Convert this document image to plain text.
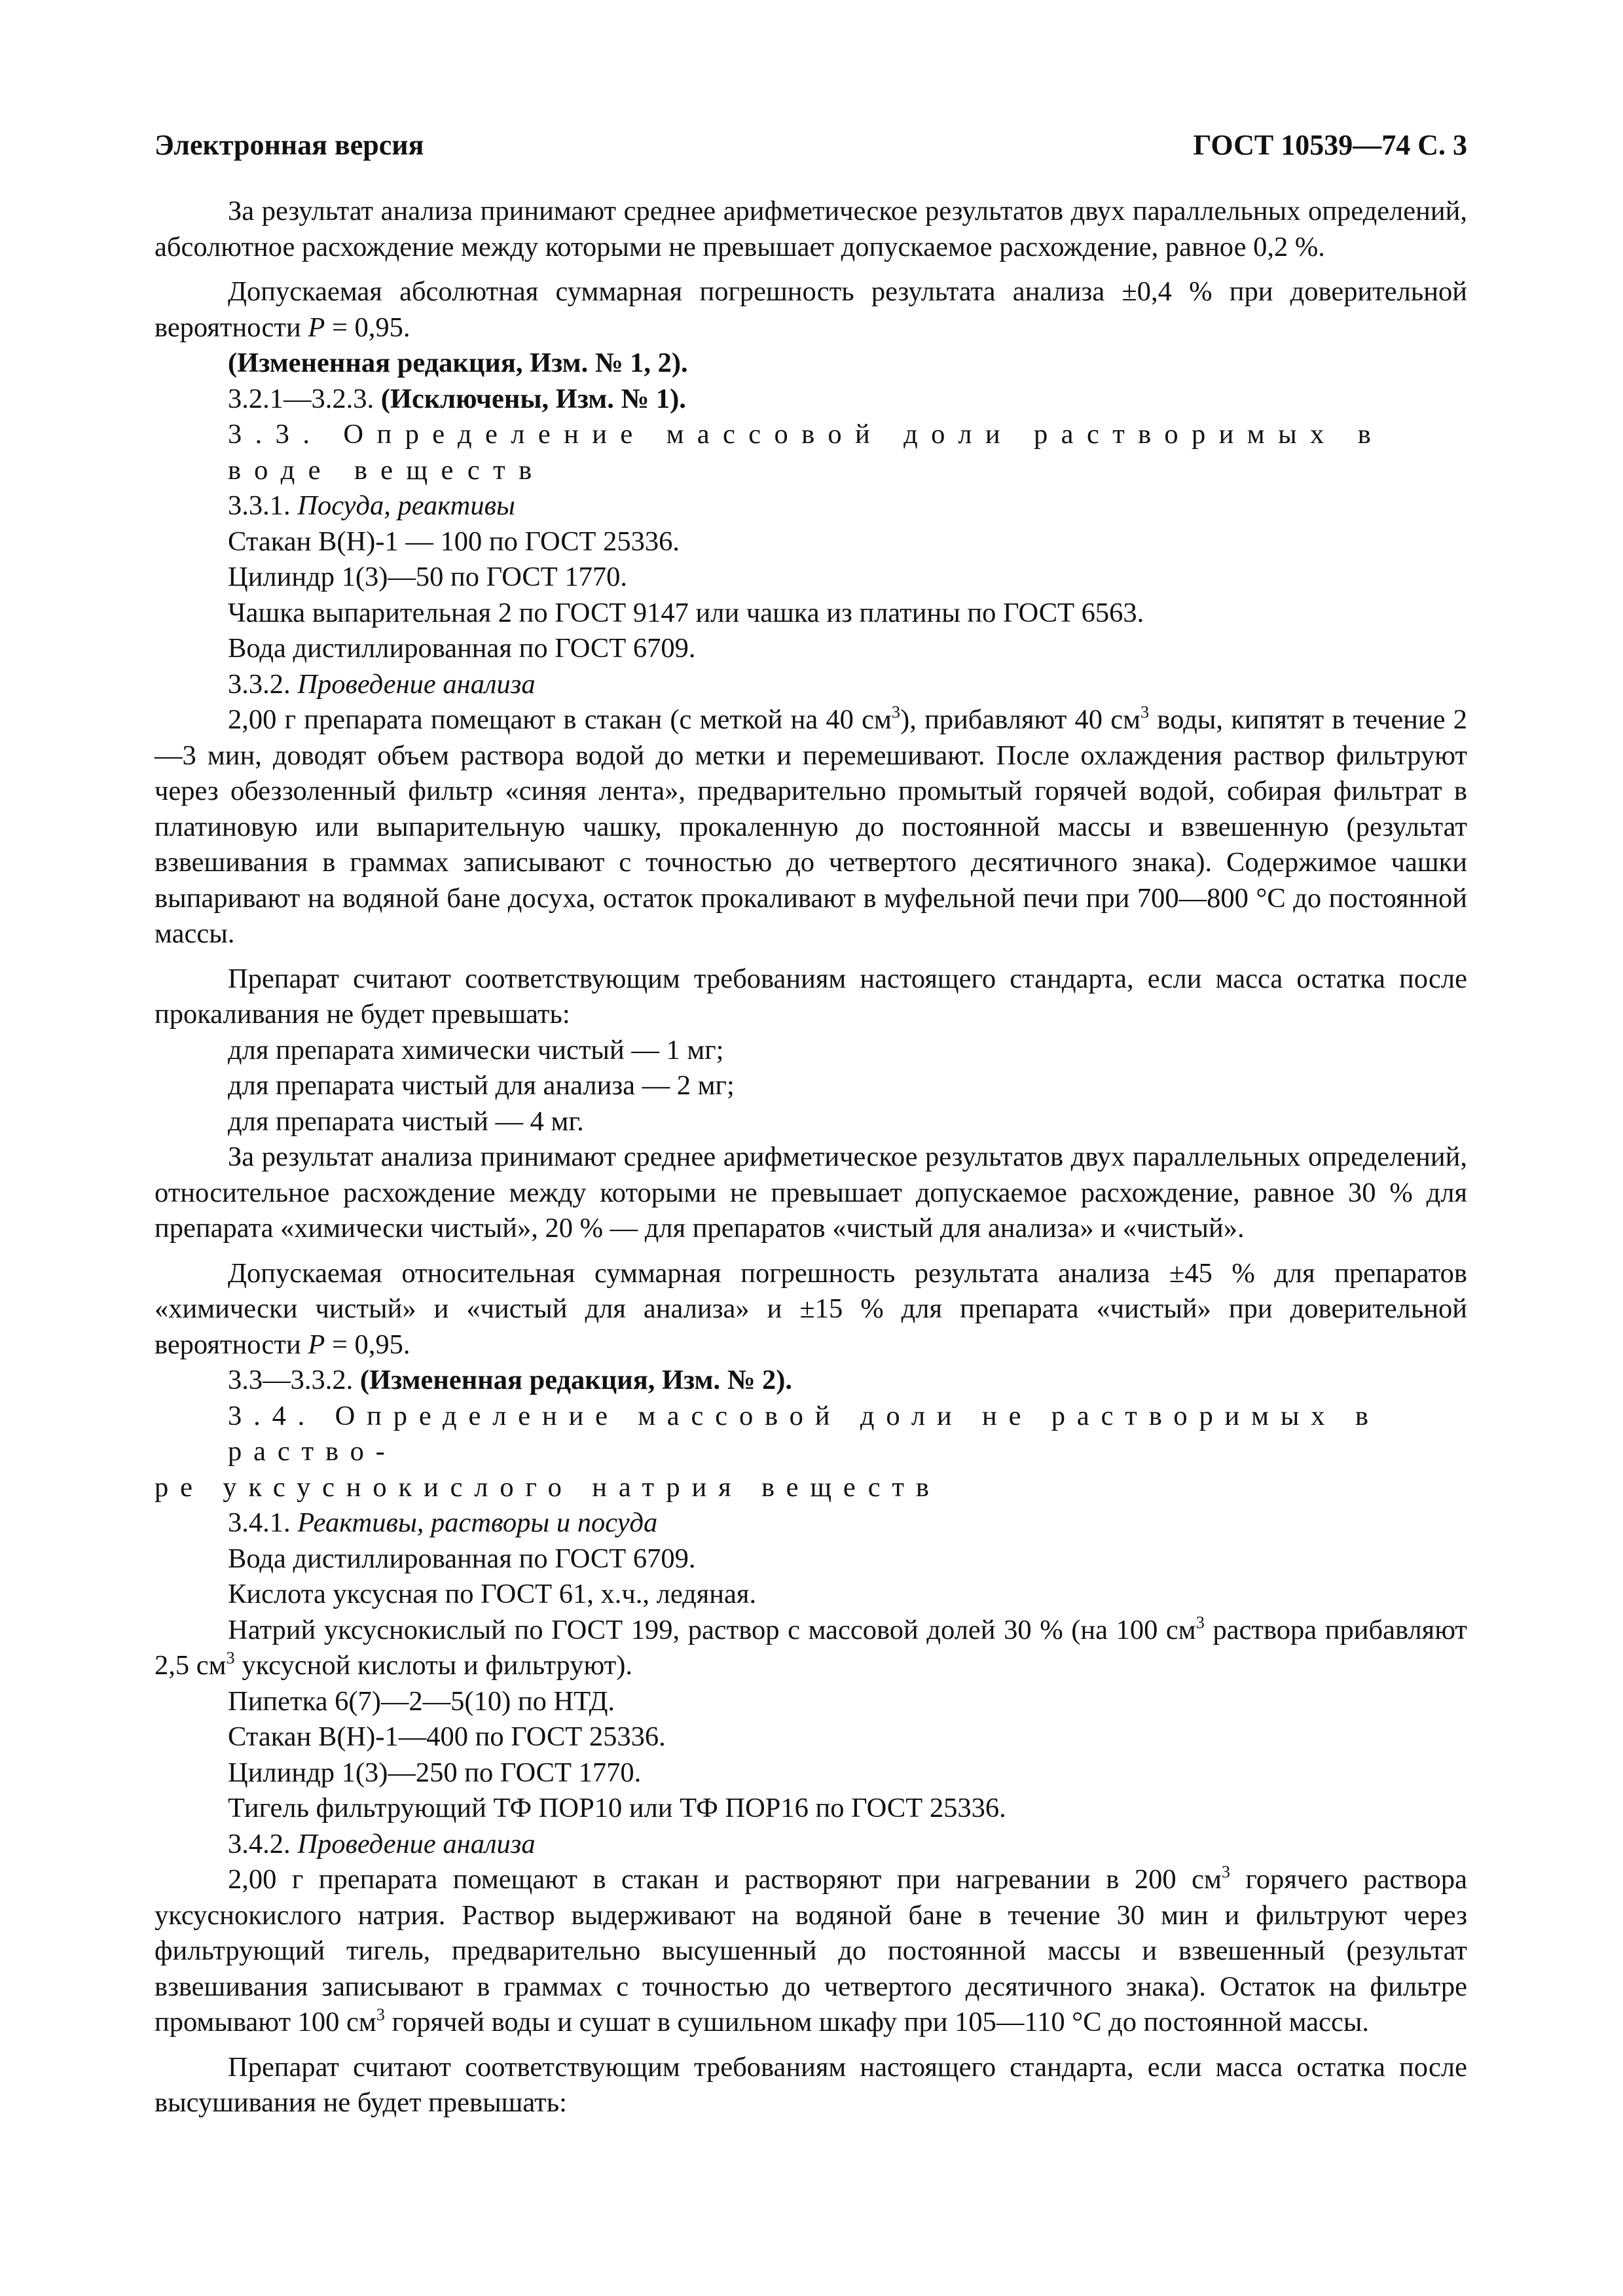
Электронная версия	ГОСТ 10539—74 С. 3

За результат анализа принимают среднее арифметическое результатов двух параллельных определений, абсолютное расхождение между которыми не превышает допускаемое расхождение, равное 0,2 %.

Допускаемая абсолютная суммарная погрешность результата анализа ±0,4 % при доверительной вероятности P = 0,95.

(Измененная редакция, Изм. № 1, 2).

3.2.1—3.2.3. (Исключены, Изм. № 1).

3.3. Определение массовой доли растворимых в воде веществ

3.3.1. Посуда, реактивы

Стакан В(Н)-1 — 100 по ГОСТ 25336.

Цилиндр 1(3)—50 по ГОСТ 1770.

Чашка выпарительная 2 по ГОСТ 9147 или чашка из платины по ГОСТ 6563.

Вода дистиллированная по ГОСТ 6709.

3.3.2. Проведение анализа

2,00 г препарата помещают в стакан (с меткой на 40 $см^3$), прибавляют 40 $см^3$ воды, кипятят в течение 2—3 мин, доводят объем раствора водой до метки и перемешивают. После охлаждения раствор фильтруют через обеззоленный фильтр «синяя лента», предварительно промытый горячей водой, собирая фильтрат в платиновую или выпарительную чашку, прокаленную до постоянной массы и взвешенную (результат взвешивания в граммах записывают с точностью до четвертого десятичного знака). Содержимое чашки выпаривают на водяной бане досуха, остаток прокаливают в муфельной печи при 700—800 °С до постоянной массы.

Препарат считают соответствующим требованиям настоящего стандарта, если масса остатка после прокаливания не будет превышать:

для препарата химически чистый — 1 мг;

для препарата чистый для анализа — 2 мг;

для препарата чистый — 4 мг.

За результат анализа принимают среднее арифметическое результатов двух параллельных определений, относительное расхождение между которыми не превышает допускаемое расхождение, равное 30 % для препарата «химически чистый», 20 % — для препаратов «чистый для анализа» и «чистый».

Допускаемая относительная суммарная погрешность результата анализа ±45 % для препаратов «химически чистый» и «чистый для анализа» и ±15 % для препарата «чистый» при доверительной вероятности P = 0,95.

3.3—3.3.2. (Измененная редакция, Изм. № 2).

3.4. Определение массовой доли не растворимых в раство-

ре уксуснокислого натрия веществ

3.4.1. Реактивы, растворы и посуда

Вода дистиллированная по ГОСТ 6709.

Кислота уксусная по ГОСТ 61, х.ч., ледяная.

Натрий уксуснокислый по ГОСТ 199, раствор с массовой долей 30 % (на 100 $см^3$ раствора прибавляют 2,5 $см^3$ уксусной кислоты и фильтруют).

Пипетка 6(7)—2—5(10) по НТД.

Стакан В(Н)-1—400 по ГОСТ 25336.

Цилиндр 1(3)—250 по ГОСТ 1770.

Тигель фильтрующий ТФ ПОР10 или ТФ ПОР16 по ГОСТ 25336.

3.4.2. Проведение анализа

2,00 г препарата помещают в стакан и растворяют при нагревании в 200 $см^3$ горячего раствора уксуснокислого натрия. Раствор выдерживают на водяной бане в течение 30 мин и фильтруют через фильтрующий тигель, предварительно высушенный до постоянной массы и взвешенный (результат взвешивания записывают в граммах с точностью до четвертого десятичного знака). Остаток на фильтре промывают 100 $см^3$ горячей воды и сушат в сушильном шкафу при 105—110 °С до постоянной массы.

Препарат считают соответствующим требованиям настоящего стандарта, если масса остатка после высушивания не будет превышать:
